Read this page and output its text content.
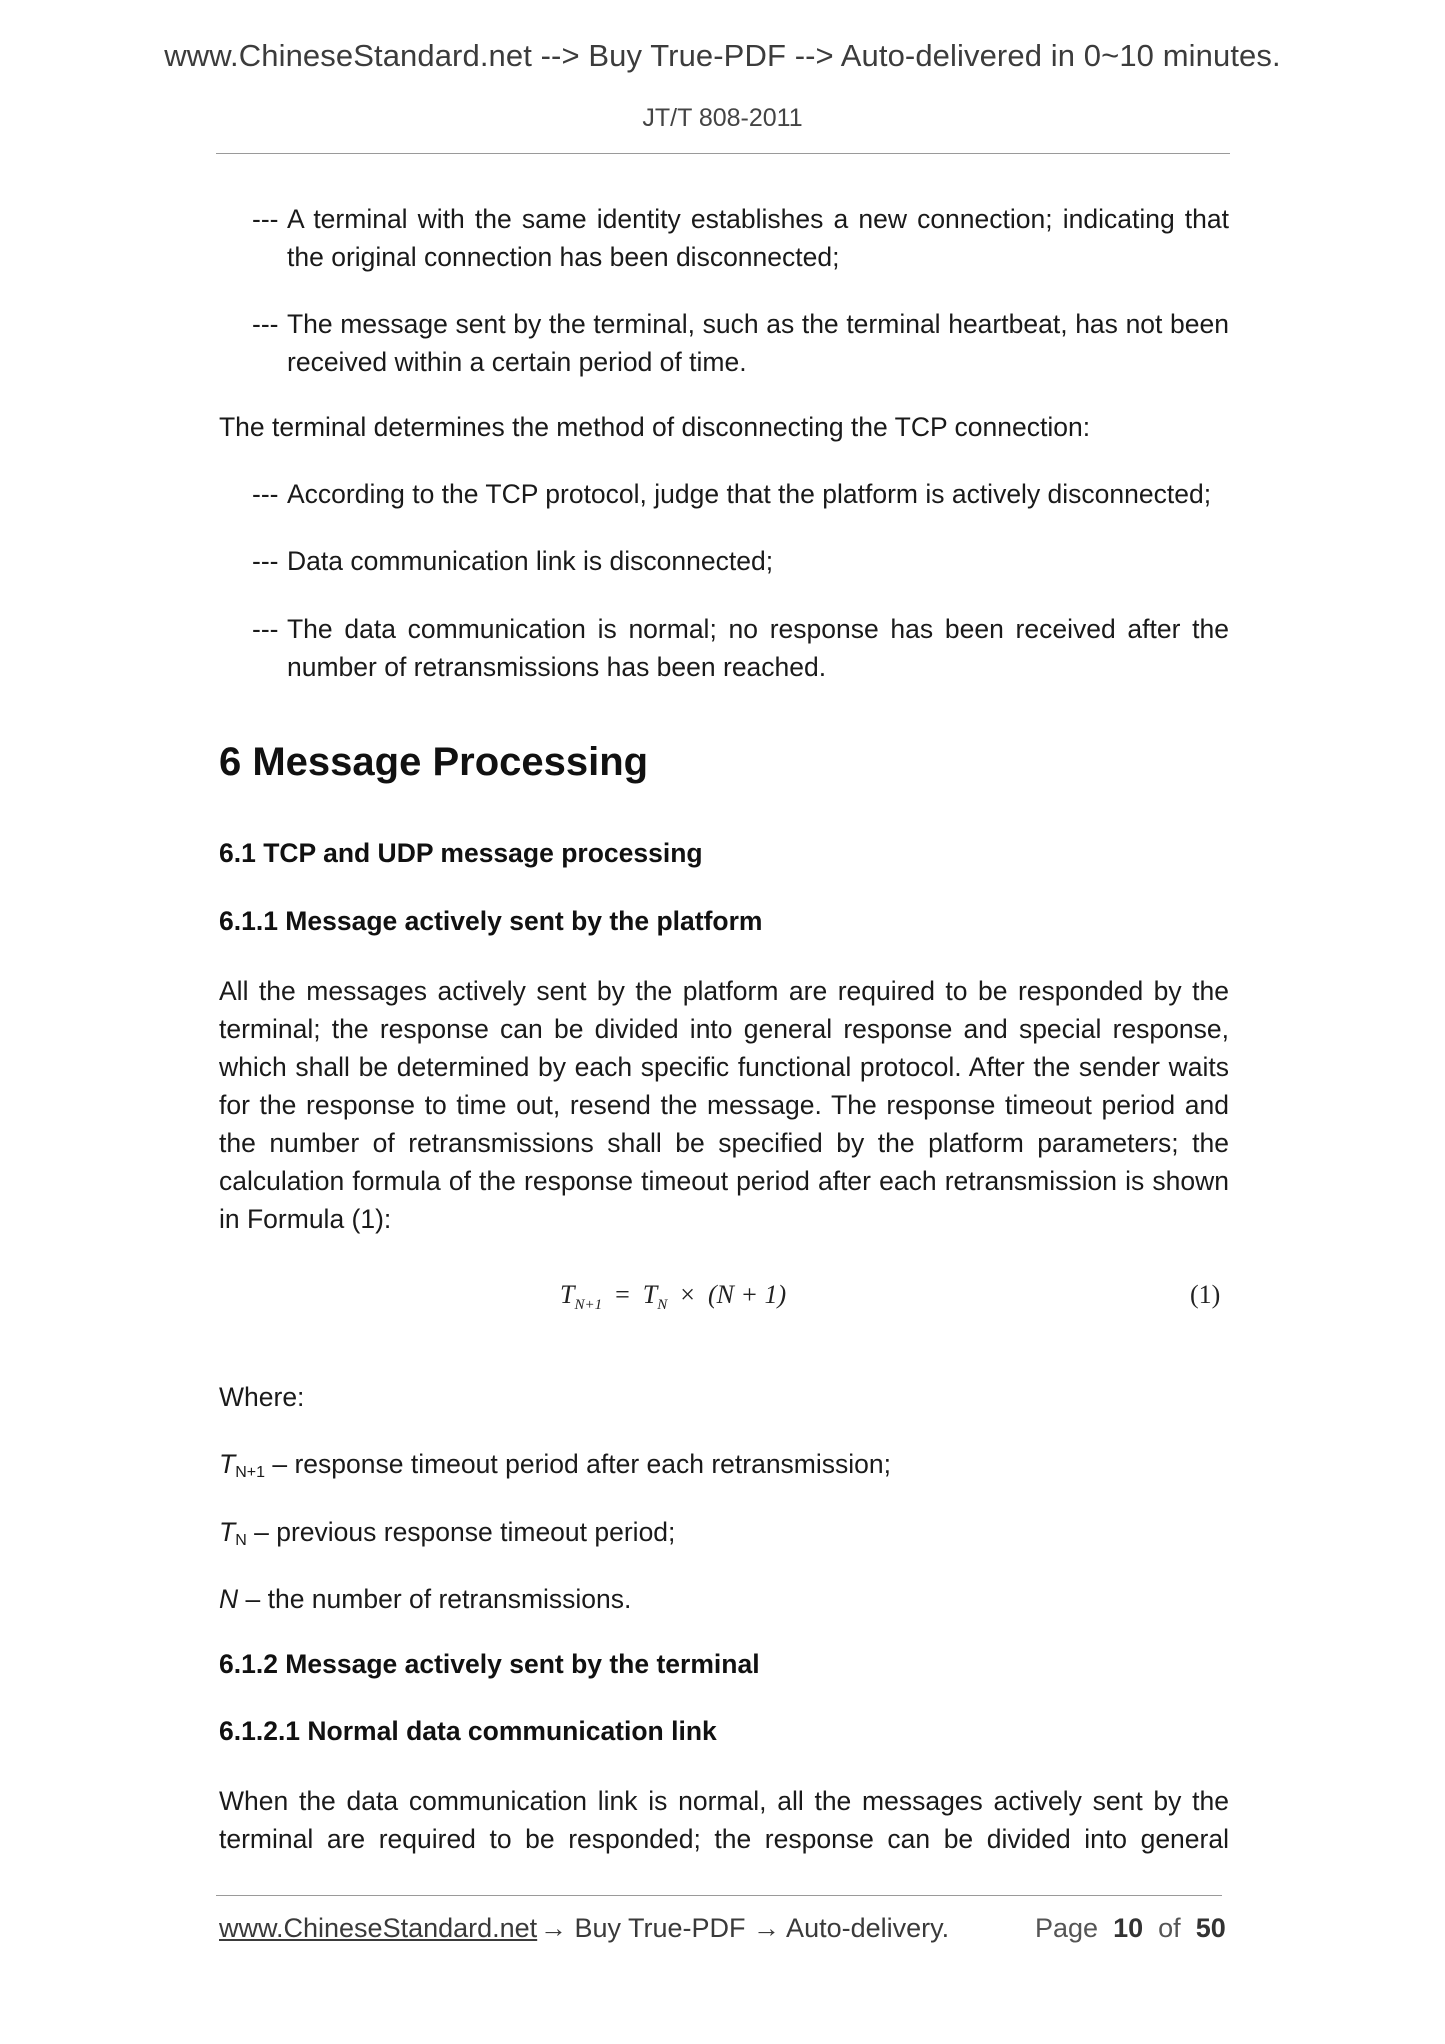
www.ChineseStandard.net --> Buy True-PDF --> Auto-delivered in 0~10 minutes.
JT/T 808-2011
--- A terminal with the same identity establishes a new connection; indicating that
the original connection has been disconnected;
--- The message sent by the terminal, such as the terminal heartbeat, has not been
received within a certain period of time.
The terminal determines the method of disconnecting the TCP connection:
--- According to the TCP protocol, judge that the platform is actively disconnected;
--- Data communication link is disconnected;
--- The data communication is normal; no response has been received after the
number of retransmissions has been reached.
6 Message Processing
6.1 TCP and UDP message processing
6.1.1 Message actively sent by the platform
All the messages actively sent by the platform are required to be responded by the
terminal; the response can be divided into general response and special response,
which shall be determined by each specific functional protocol. After the sender waits
for the response to time out, resend the message. The response timeout period and
the number of retransmissions shall be specified by the platform parameters; the
calculation formula of the response timeout period after each retransmission is shown
in Formula (1):
$T_{N+1} = T_N \times (N + 1)$	(1)
Where:
$T_{N+1}$ – response timeout period after each retransmission;
$T_N$ – previous response timeout period;
N – the number of retransmissions.
6.1.2 Message actively sent by the terminal
6.1.2.1 Normal data communication link
When the data communication link is normal, all the messages actively sent by the
terminal are required to be responded; the response can be divided into general
www.ChineseStandard.net → Buy True-PDF → Auto-delivery.	Page 10 of 50
